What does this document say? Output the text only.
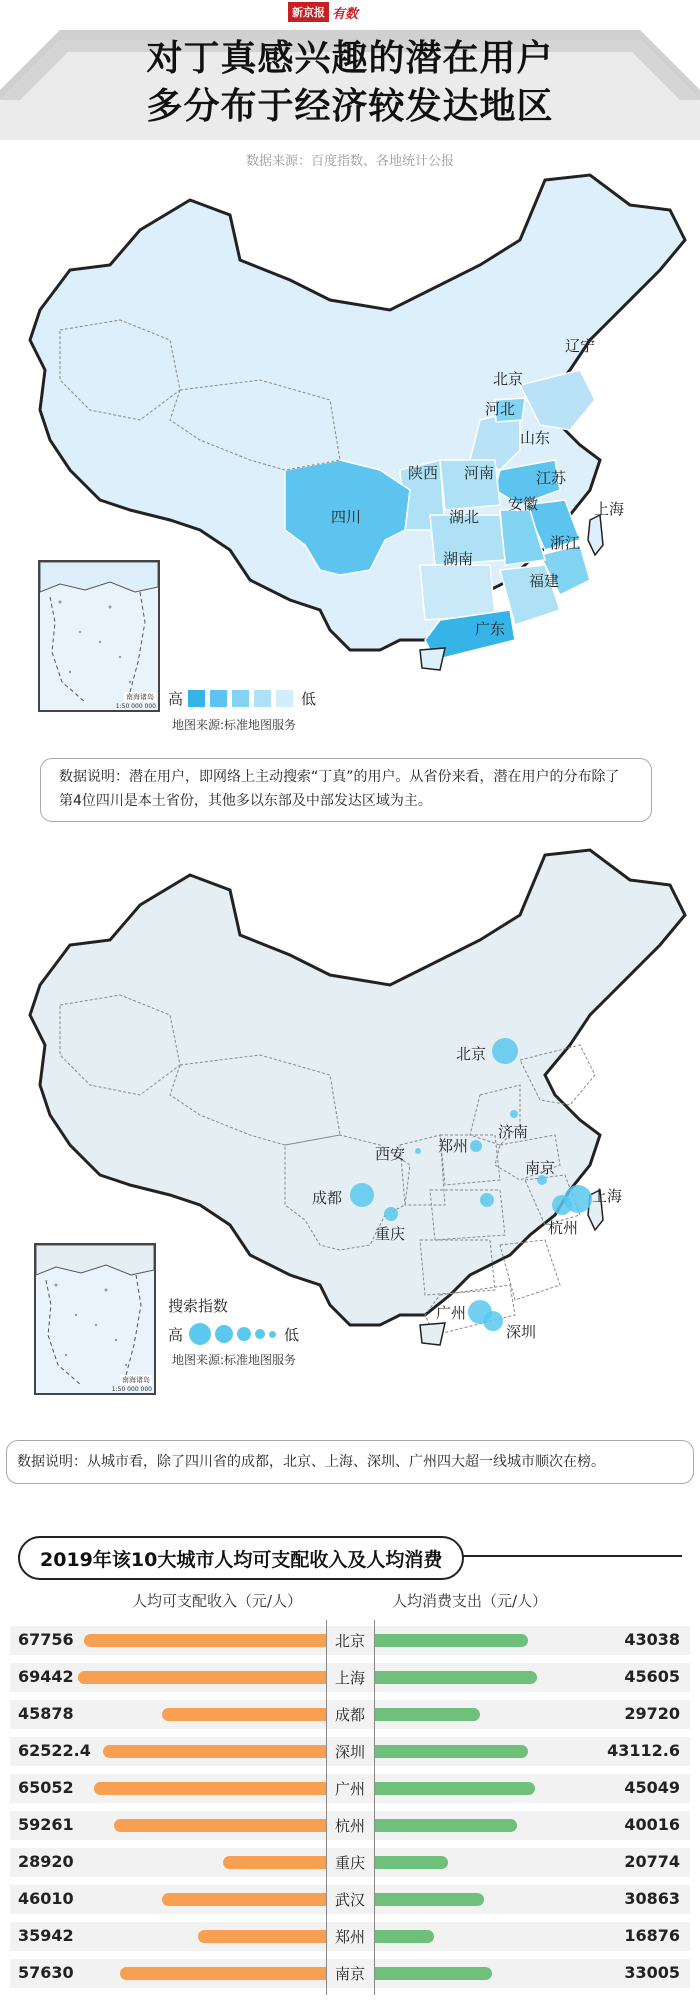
新京报 有数
对丁真感兴趣的潜在用户
多分布于经济较发达地区
数据来源：百度指数、各地统计公报
辽宁
北京
河北
山东
陕西 河南	江苏
安徽	上海
四川	湖北
浙江
湖南
福建
广东
南海诸岛
1:50 000 000 高	低
地图来源:标准地图服务
数据说明：潜在用户，即网络上主动搜索“丁真”的用户。从省份来看，潜在用户的分布除了第4位四川是本土省份，其他多以东部及中部发达区域为主。
北京
济南
西安 郑州
南京
上海
成都
杭州
重庆
广州
深圳
南海诸岛
1:50 000 000
搜索指数
高	低
地图来源:标准地图服务
数据说明：从城市看，除了四川省的成都，北京、上海、深圳、广州四大超一线城市顺次在榜。
2019年该10大城市人均可支配收入及人均消费
人均可支配收入（元/人）	人均消费支出（元/人）
67756	北京	43038
69442	上海	45605
45878	成都	29720
62522.4	深圳	43112.6
65052	广州	45049
59261	杭州	40016
28920	重庆	20774
46010	武汉	30863
35942	郑州	16876
57630	南京	33005
